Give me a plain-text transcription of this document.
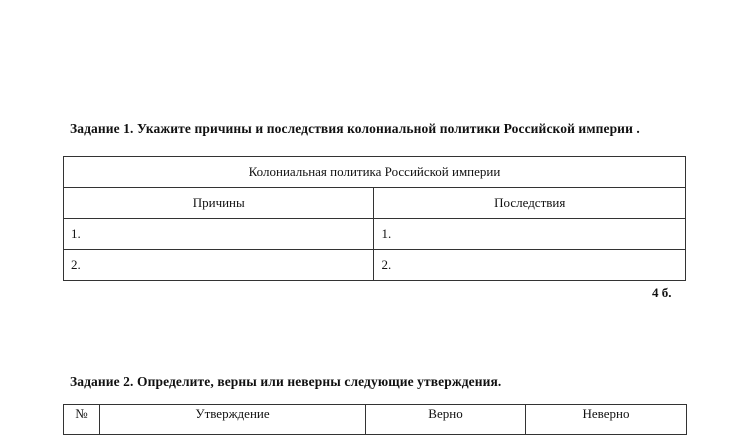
Задание 1. Укажите причины и последствия колониальной политики Российской империи .
Колониальная политика Российской империи	
Причины	Последствия
1.	1.
2.	2.
4 б.
Задание 2. Определите, верны или неверны следующие утверждения.
№	Утверждение	Верно	Неверно
